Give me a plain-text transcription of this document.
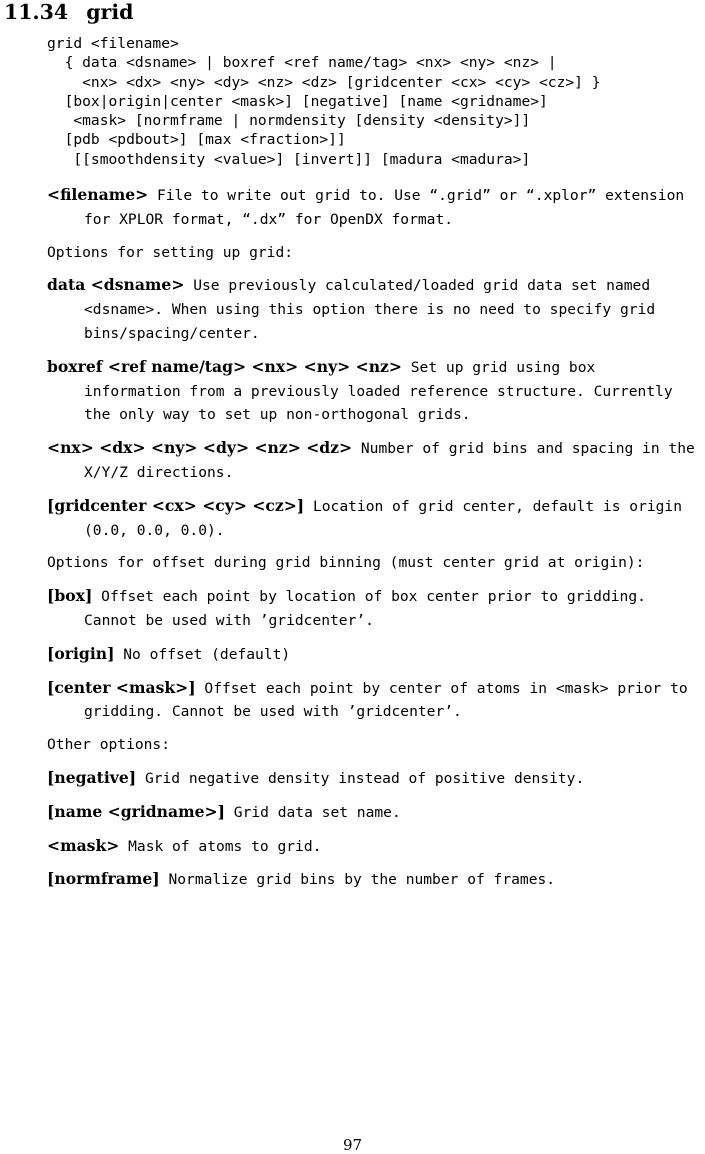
11.34 grid
grid <filename>
{ data <dsname> | boxref <ref name/tag> <nx> <ny> <nz> |
<nx> <dx> <ny> <dy> <nz> <dz> [gridcenter <cx> <cy> <cz>] }
[box|origin|center <mask>] [negative] [name <gridname>]
<mask> [normframe | normdensity [density <density>]]
[pdb <pdbout>] [max <fraction>]]
[[smoothdensity <value>] [invert]] [madura <madura>]

<filename> File to write out grid to. Use “.grid” or “.xplor” extension for XPLOR format, “.dx” for OpenDX format.

Options for setting up grid:

data <dsname> Use previously calculated/loaded grid data set named <dsname>. When using this option there is no need to specify grid bins/spacing/center.

boxref <ref name/tag> <nx> <ny> <nz> Set up grid using box information from a previously loaded reference structure. Currently the only way to set up non-orthogonal grids.

<nx> <dx> <ny> <dy> <nz> <dz> Number of grid bins and spacing in the X/Y/Z directions.

[gridcenter <cx> <cy> <cz>] Location of grid center, default is origin (0.0, 0.0, 0.0).

Options for offset during grid binning (must center grid at origin):

[box] Offset each point by location of box center prior to gridding. Cannot be used with ’gridcenter’.

[origin] No offset (default)

[center <mask>] Offset each point by center of atoms in <mask> prior to gridding. Cannot be used with ’gridcenter’.

Other options:

[negative] Grid negative density instead of positive density.

[name <gridname>] Grid data set name.

<mask> Mask of atoms to grid.

[normframe] Normalize grid bins by the number of frames.

97
